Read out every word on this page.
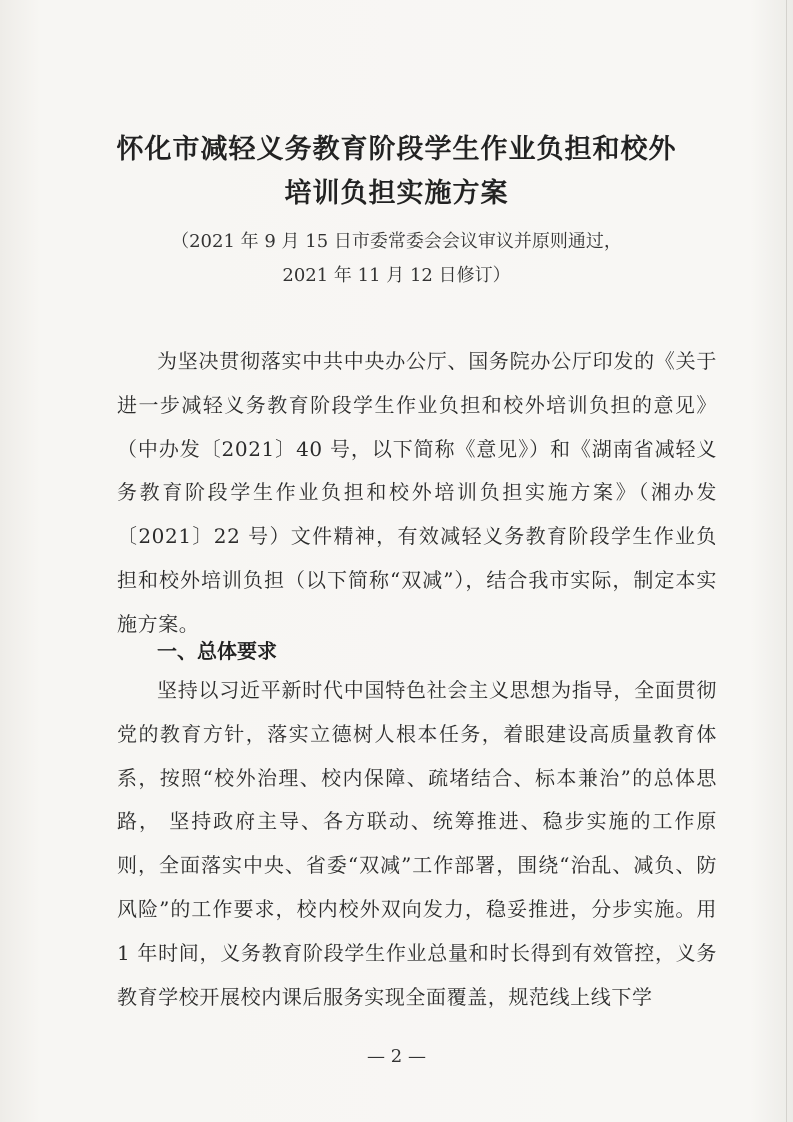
怀化市减轻义务教育阶段学生作业负担和校外
培训负担实施方案
（2021 年 9 月 15 日市委常委会会议审议并原则通过，
2021 年 11 月 12 日修订）

为坚决贯彻落实中共中央办公厅、国务院办公厅印发的《关于进一步减轻义务教育阶段学生作业负担和校外培训负担的意见》（中办发〔2021〕40 号，以下简称《意见》）和《湖南省减轻义务教育阶段学生作业负担和校外培训负担实施方案》（湘办发〔2021〕22 号）文件精神，有效减轻义务教育阶段学生作业负担和校外培训负担（以下简称“双减”），结合我市实际，制定本实施方案。

一、总体要求

坚持以习近平新时代中国特色社会主义思想为指导，全面贯彻党的教育方针，落实立德树人根本任务，着眼建设高质量教育体系，按照“校外治理、校内保障、疏堵结合、标本兼治”的总体思路， 坚持政府主导、各方联动、统筹推进、稳步实施的工作原则，全面落实中央、省委“双减”工作部署，围绕“治乱、减负、防风险”的工作要求，校内校外双向发力，稳妥推进，分步实施。用 1 年时间，义务教育阶段学生作业总量和时长得到有效管控，义务教育学校开展校内课后服务实现全面覆盖，规范线上线下学

— 2 —
